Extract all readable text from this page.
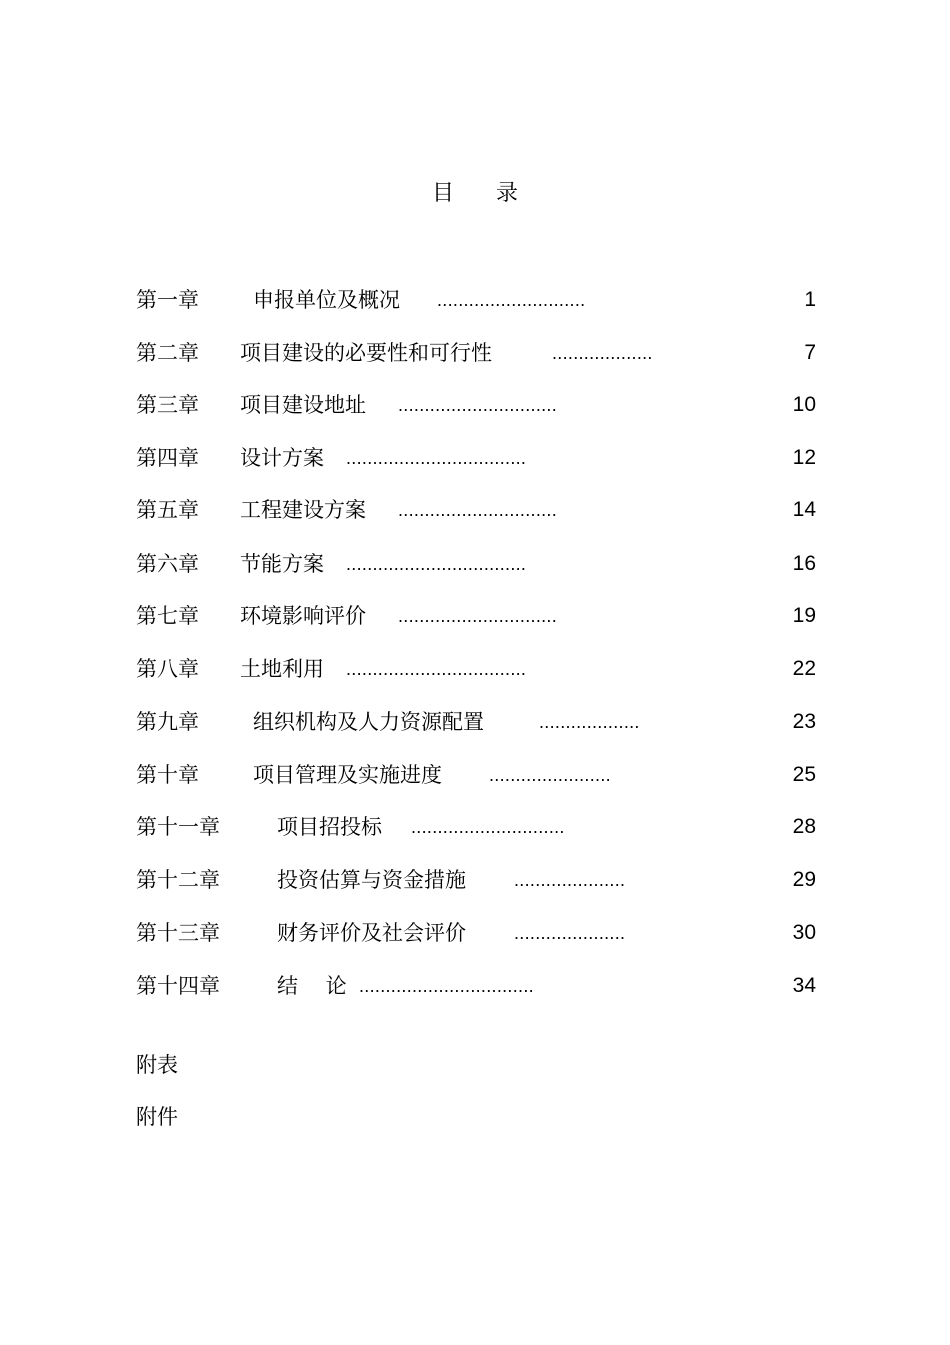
目 录
第一章	申报单位及概况 ............................	1
第二章 项目建设的必要性和可行性	...................	7
第三章 项目建设地址 ..............................	10
第四章 设计方案 ..................................	12
第五章 工程建设方案 ..............................	14
第六章 节能方案 ..................................	16
第七章 环境影响评价 ..............................	19
第八章 土地利用 ..................................	22
第九章	组织机构及人力资源配置	...................	23
第十章	项目管理及实施进度	.......................	25
第十一章	项目招投标 .............................	28
第十二章	投资估算与资金措施	.....................	29
第十三章	财务评价及社会评价	.....................	30
第十四章	结　 论 .................................	34
附表
附件
